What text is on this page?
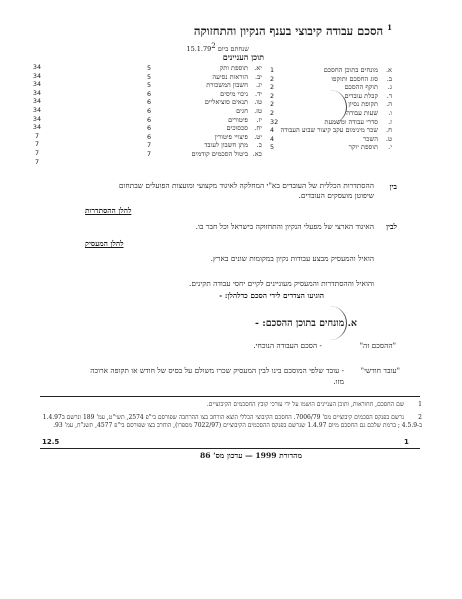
$^1$ הסכם עבודה קיבוצי בענף הנקיון והתחזוקה
שנחתם ביום 15.1.792
תוכן העניינים
א.מונחים בתוכן החסכם
1
ב.סוג החסכם ותוקפו
2
ג.תוקף ההסכם
2
ד.קבלת עובדים
2
ה.תקופת נסיון
2
ו.שעות עבודה
2
ז.סדרי עבודה ומשמעת
32
ח.שכר מינימום עקב קיצור שבוע העבודה
4
ט.השכר
4
י.תוספת יוקר
5
יא.תוספת ותק
5
יב.הוראות נסיעה
5
יג.חשבון המשכורת
5
יד.ניכוי מיסים
6
טו.תנאים סוציאליים
6
טז.חגים
6
יז.פיטורים
6
יח.סכסוכים
6
יט.פיצויי פיטורין
6
כ.מתן חשבון לעובד
7
כא.ביטול הסכמים קודמים
7
34
34
34
34
34
34
34
34
7
7
7
7
בין
ההסתדרות הכללית של העובדים בא"י המחלקה לאיגוד מקצועי ומועצות הפועלים שבתחום שיפוטן מועסקים העובדים.
להלן ההסתדרות
לבין
האיגוד הארצי של מפעלי הנקיון והתחזוקה בישראל וכל חבר בו.
להלן המעסיק
הואיל והמעסיק מבצע עבודות נקיון במקומות שונים בארץ.
והואיל וההסתדרות והמעסיק מעוניינים לקיים יחסי עבודה תקינים.
הוגיעו הצדדים לידי הסכם כדלהלן: -
א. מונחים בתוכן ההסכם: -
"ההסכם זה"
- הסכם העבודה הנוכחי.
"עובד חודשי"
- עובד שלפי המוסכם בינו לבין המעסיק שכרו משולם על בסיס של חודש או תקופה ארוכה מזו.
1 שם החסכם, חחוראות, ותוכן העניינים הושמו על ידי עורכי קובץ החסכמים הקיבוציים.
2 נרשם בפנקס הסכמים קיבוציים מס' 7006/79. החסכם הקיבוצי הכללי הוצא הורחב בצו ההרחבה שפורסם בי"פ 2574, תשי"ט, עמ' 189 ונרשם ב1.4.97 ב-4.5.9 ; ברמת שלכם גם החסכם מיום 1.4.97 שנרשם בפנקס ההסכמים הקיבוציים (7022/97 מספרו), הוחרב בצו שפורסם בי"פ 4577, תשנ"ח, עמ' 93.
12.5	1
מהדורת 1999 — עדכון מס' 86
